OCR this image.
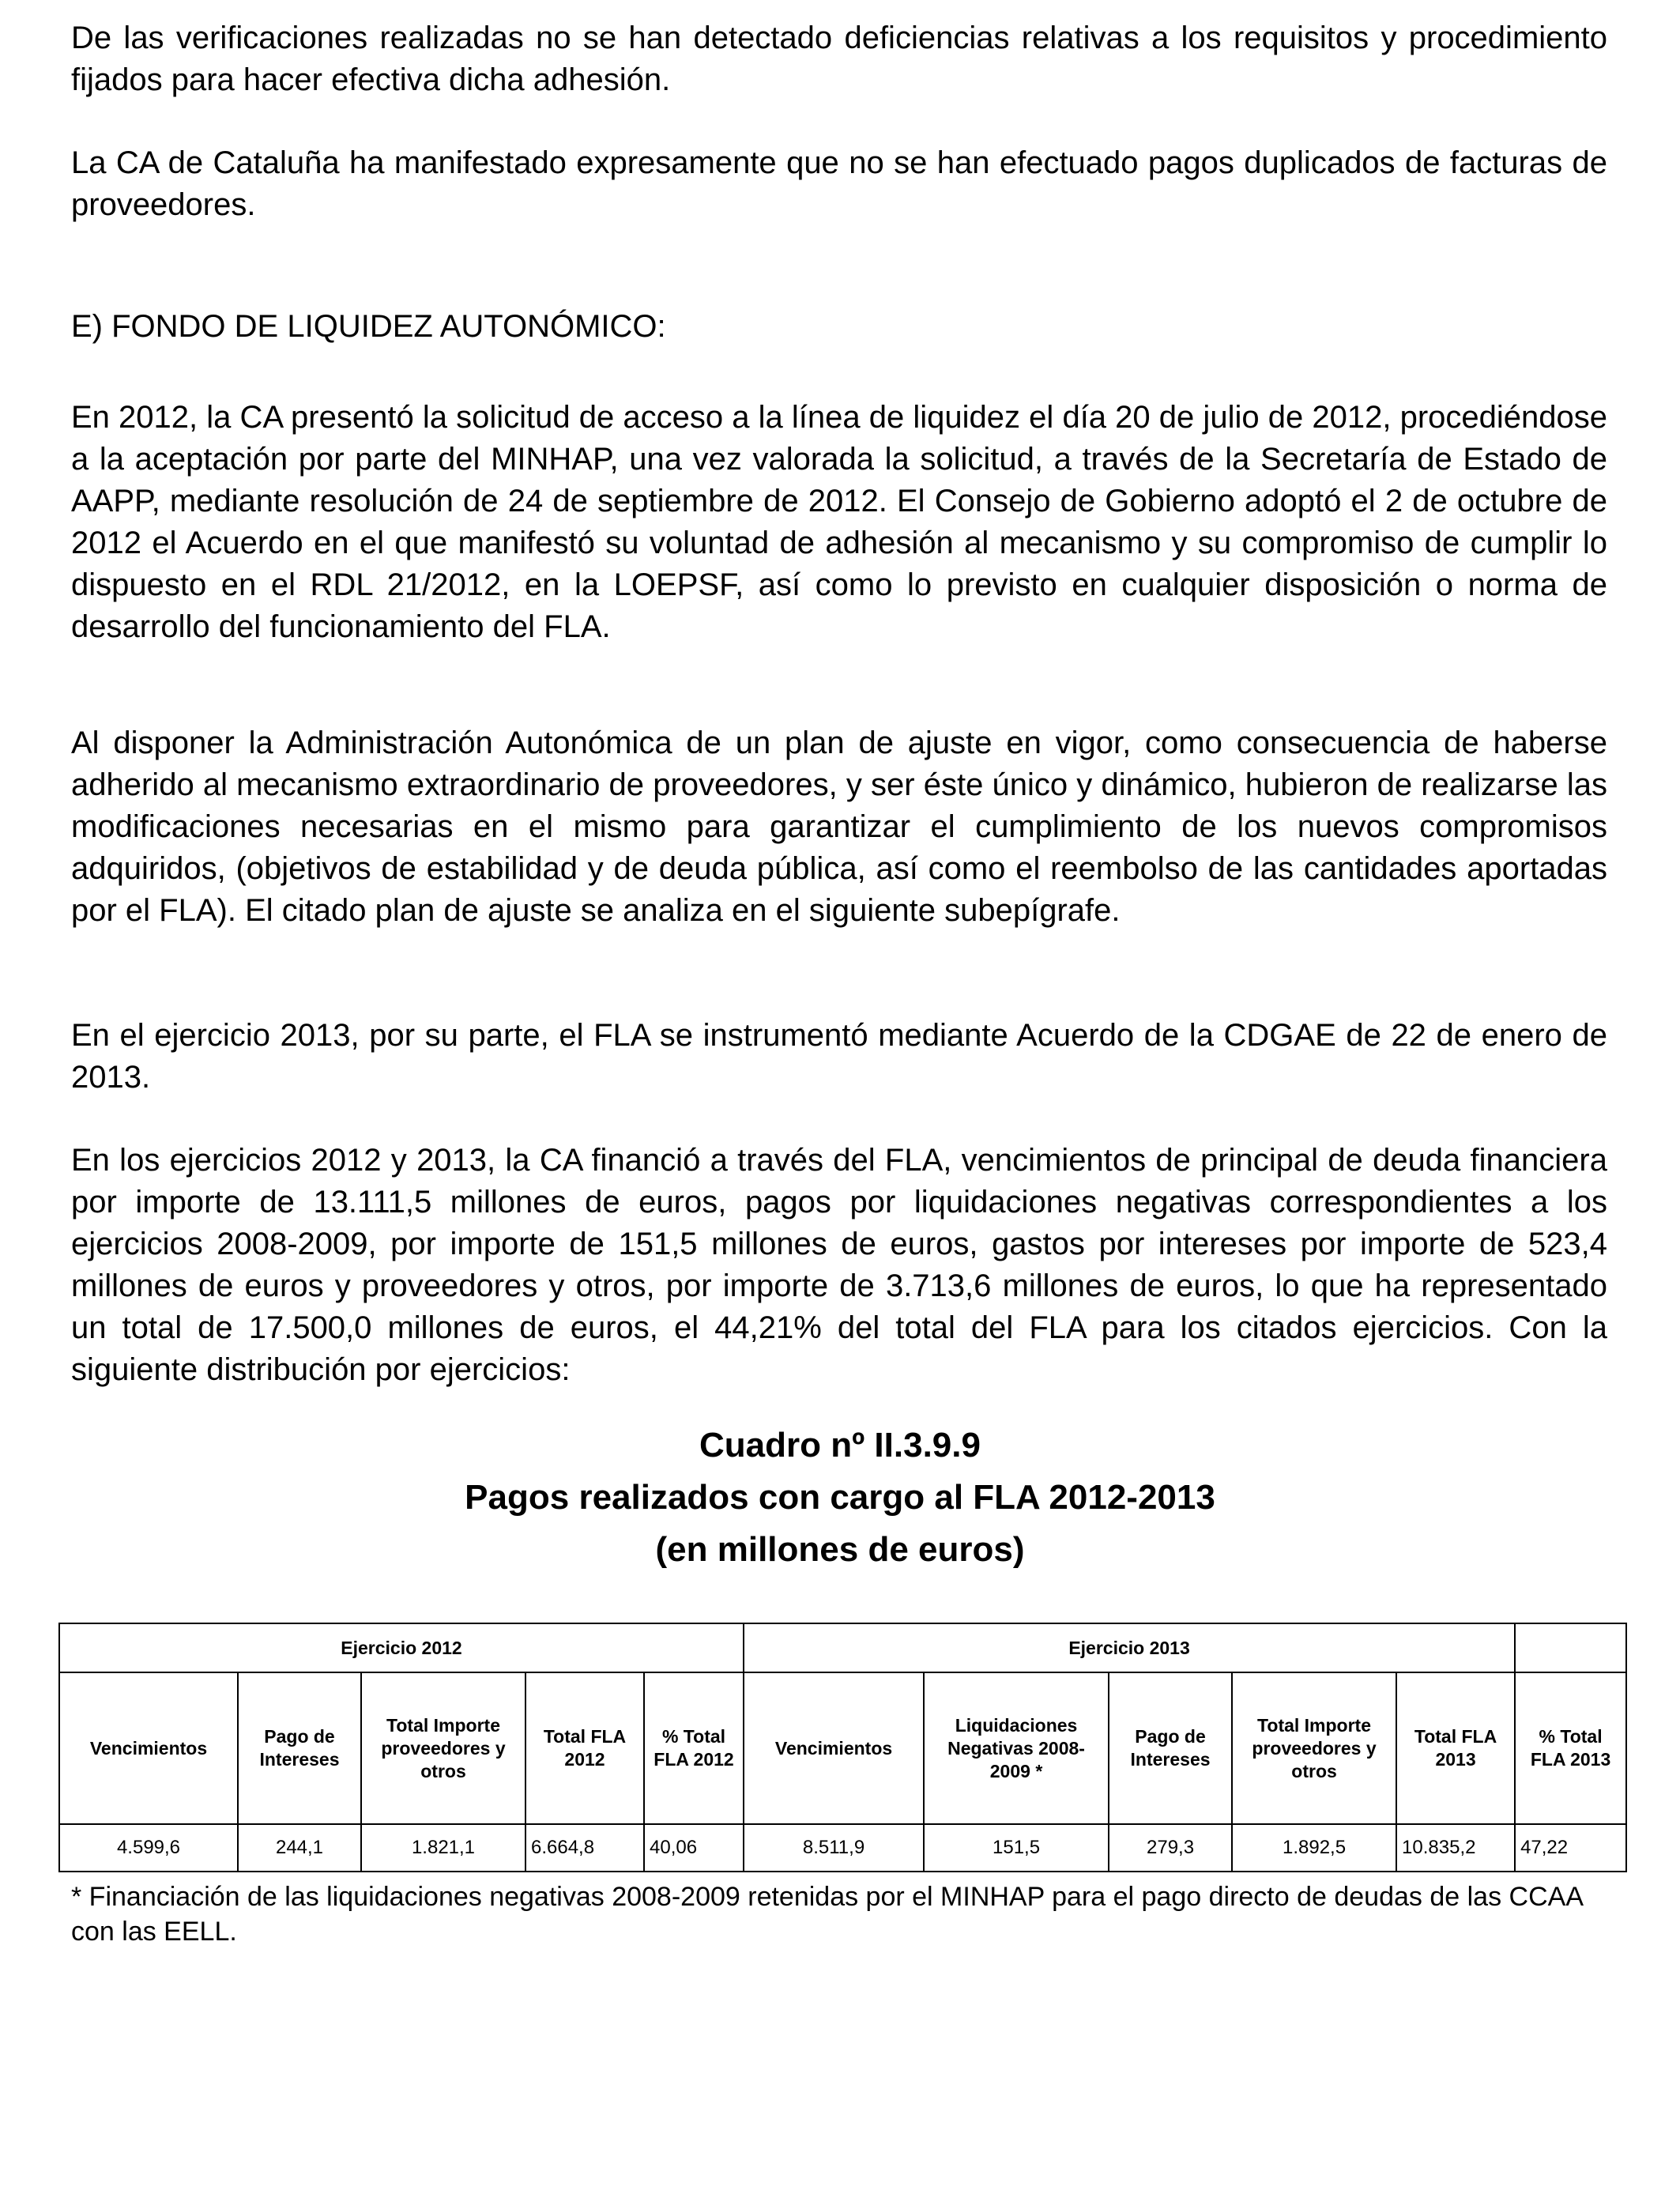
De las verificaciones realizadas no se han detectado deficiencias relativas a los requisitos y procedimiento fijados para hacer efectiva dicha adhesión.

La CA de Cataluña ha manifestado expresamente que no se han efectuado pagos duplicados de facturas de proveedores.

E) FONDO DE LIQUIDEZ AUTONÓMICO:

En 2012, la CA presentó la solicitud de acceso a la línea de liquidez el día 20 de julio de 2012, procediéndose a la aceptación por parte del MINHAP, una vez valorada la solicitud, a través de la Secretaría de Estado de AAPP, mediante resolución de 24 de septiembre de 2012. El Consejo de Gobierno adoptó el 2 de octubre de 2012 el Acuerdo en el que manifestó su voluntad de adhesión al mecanismo y su compromiso de cumplir lo dispuesto en el RDL 21/2012, en la LOEPSF, así como lo previsto en cualquier disposición o norma de desarrollo del funcionamiento del FLA.

Al disponer la Administración Autonómica de un plan de ajuste en vigor, como consecuencia de haberse adherido al mecanismo extraordinario de proveedores, y ser éste único y dinámico, hubieron de realizarse las modificaciones necesarias en el mismo para garantizar el cumplimiento de los nuevos compromisos adquiridos, (objetivos de estabilidad y de deuda pública, así como el reembolso de las cantidades aportadas por el FLA). El citado plan de ajuste se analiza en el siguiente subepígrafe.

En el ejercicio 2013, por su parte, el FLA se instrumentó mediante Acuerdo de la CDGAE de 22 de enero de 2013.

En los ejercicios 2012 y 2013, la CA financió a través del FLA, vencimientos de principal de deuda financiera por importe de 13.111,5 millones de euros, pagos por liquidaciones negativas correspondientes a los ejercicios 2008-2009, por importe de 151,5 millones de euros, gastos por intereses por importe de 523,4 millones de euros y proveedores y otros, por importe de 3.713,6 millones de euros, lo que ha representado un total de 17.500,0 millones de euros, el 44,21% del total del FLA para los citados ejercicios. Con la siguiente distribución por ejercicios:

Cuadro nº II.3.9.9

Pagos realizados con cargo al FLA 2012-2013

(en millones de euros)

Ejercicio 2012					Ejercicio 2013					
Vencimientos	Pago de Intereses	Total Importe proveedores y otros	Total FLA 2012	% Total FLA 2012	Vencimientos	Liquidaciones Negativas 2008-2009 *	Pago de Intereses	Total Importe proveedores y otros	Total FLA 2013	% Total FLA 2013
4.599,6	244,1	1.821,1	6.664,8	40,06	8.511,9	151,5	279,3	1.892,5	10.835,2	47,22

* Financiación de las liquidaciones negativas 2008-2009 retenidas por el MINHAP para el pago directo de deudas de las CCAA con las EELL.
